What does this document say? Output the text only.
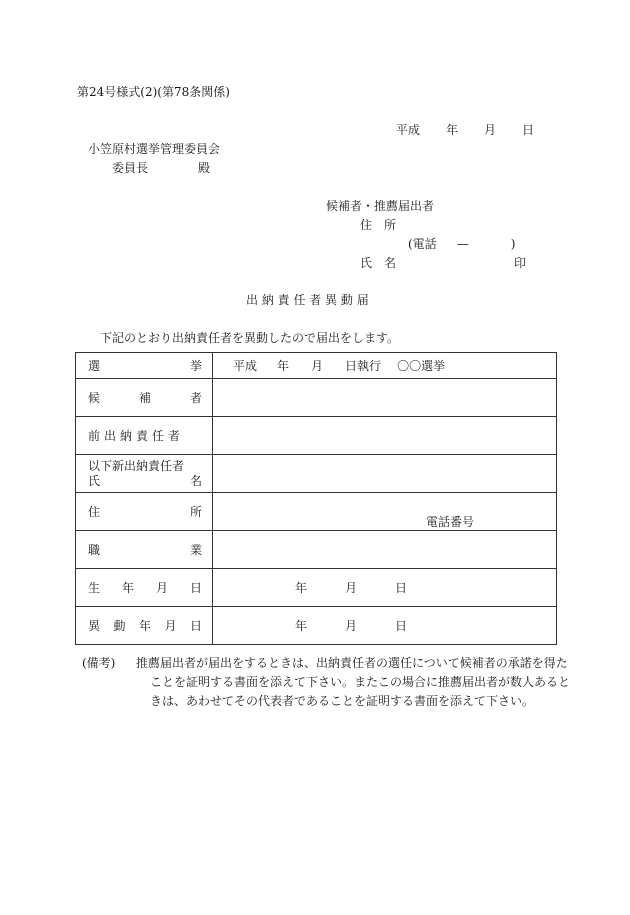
第24号様式(2)(第78条関係)
平成 年 月 日
小笠原村選挙管理委員会
委員長	殿
候補者・推薦届出者
住　所
(電話 —	)
氏　名	印
出 納 責 任 者 異 動 届
下記のとおり出納責任者を異動したので届出をします。
選 挙	平成 年 月 日執行 〇〇選挙

候 補 者	

前出納責任者	

以下新出納責任者
氏 名	

住 所	電話番号

職 業	

生 年 月 日	年 月 日

異 動 年 月 日	年 月 日
(備考) 推薦届出者が届出をするときは、出納責任者の選任について候補者の承諾を得たことを証明する書面を添えて下さい。またこの場合に推薦届出者が数人あるときは、あわせてその代表者であることを証明する書面を添えて下さい。
